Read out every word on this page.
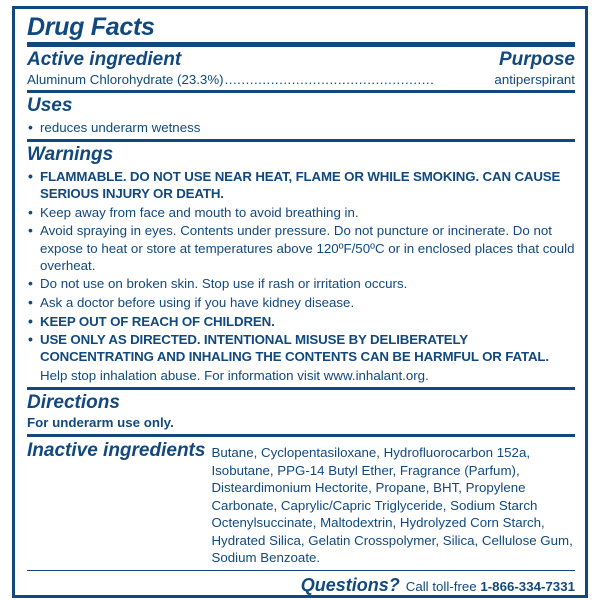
Drug Facts
Active ingredient	Purpose
Aluminum Chlorohydrate (23.3%) ..................................................	antiperspirant
Uses
• reduces underarm wetness
Warnings
• FLAMMABLE. DO NOT USE NEAR HEAT, FLAME OR WHILE SMOKING. CAN CAUSE SERIOUS INJURY OR DEATH.
• Keep away from face and mouth to avoid breathing in.
• Avoid spraying in eyes. Contents under pressure. Do not puncture or incinerate. Do not expose to heat or store at temperatures above 120ºF/50ºC or in enclosed places that could overheat.
• Do not use on broken skin. Stop use if rash or irritation occurs.
• Ask a doctor before using if you have kidney disease.
• KEEP OUT OF REACH OF CHILDREN.
• USE ONLY AS DIRECTED. INTENTIONAL MISUSE BY DELIBERATELY CONCENTRATING AND INHALING THE CONTENTS CAN BE HARMFUL OR FATAL.
Help stop inhalation abuse. For information visit www.inhalant.org.
Directions
For underarm use only.
Inactive ingredients Butane, Cyclopentasiloxane, Hydrofluorocarbon 152a, Isobutane, PPG-14 Butyl Ether, Fragrance (Parfum), Disteardimonium Hectorite, Propane, BHT, Propylene Carbonate, Caprylic/Capric Triglyceride, Sodium Starch Octenylsuccinate, Maltodextrin, Hydrolyzed Corn Starch, Hydrated Silica, Gelatin Crosspolymer, Silica, Cellulose Gum, Sodium Benzoate.
Questions? Call toll-free 1-866-334-7331
